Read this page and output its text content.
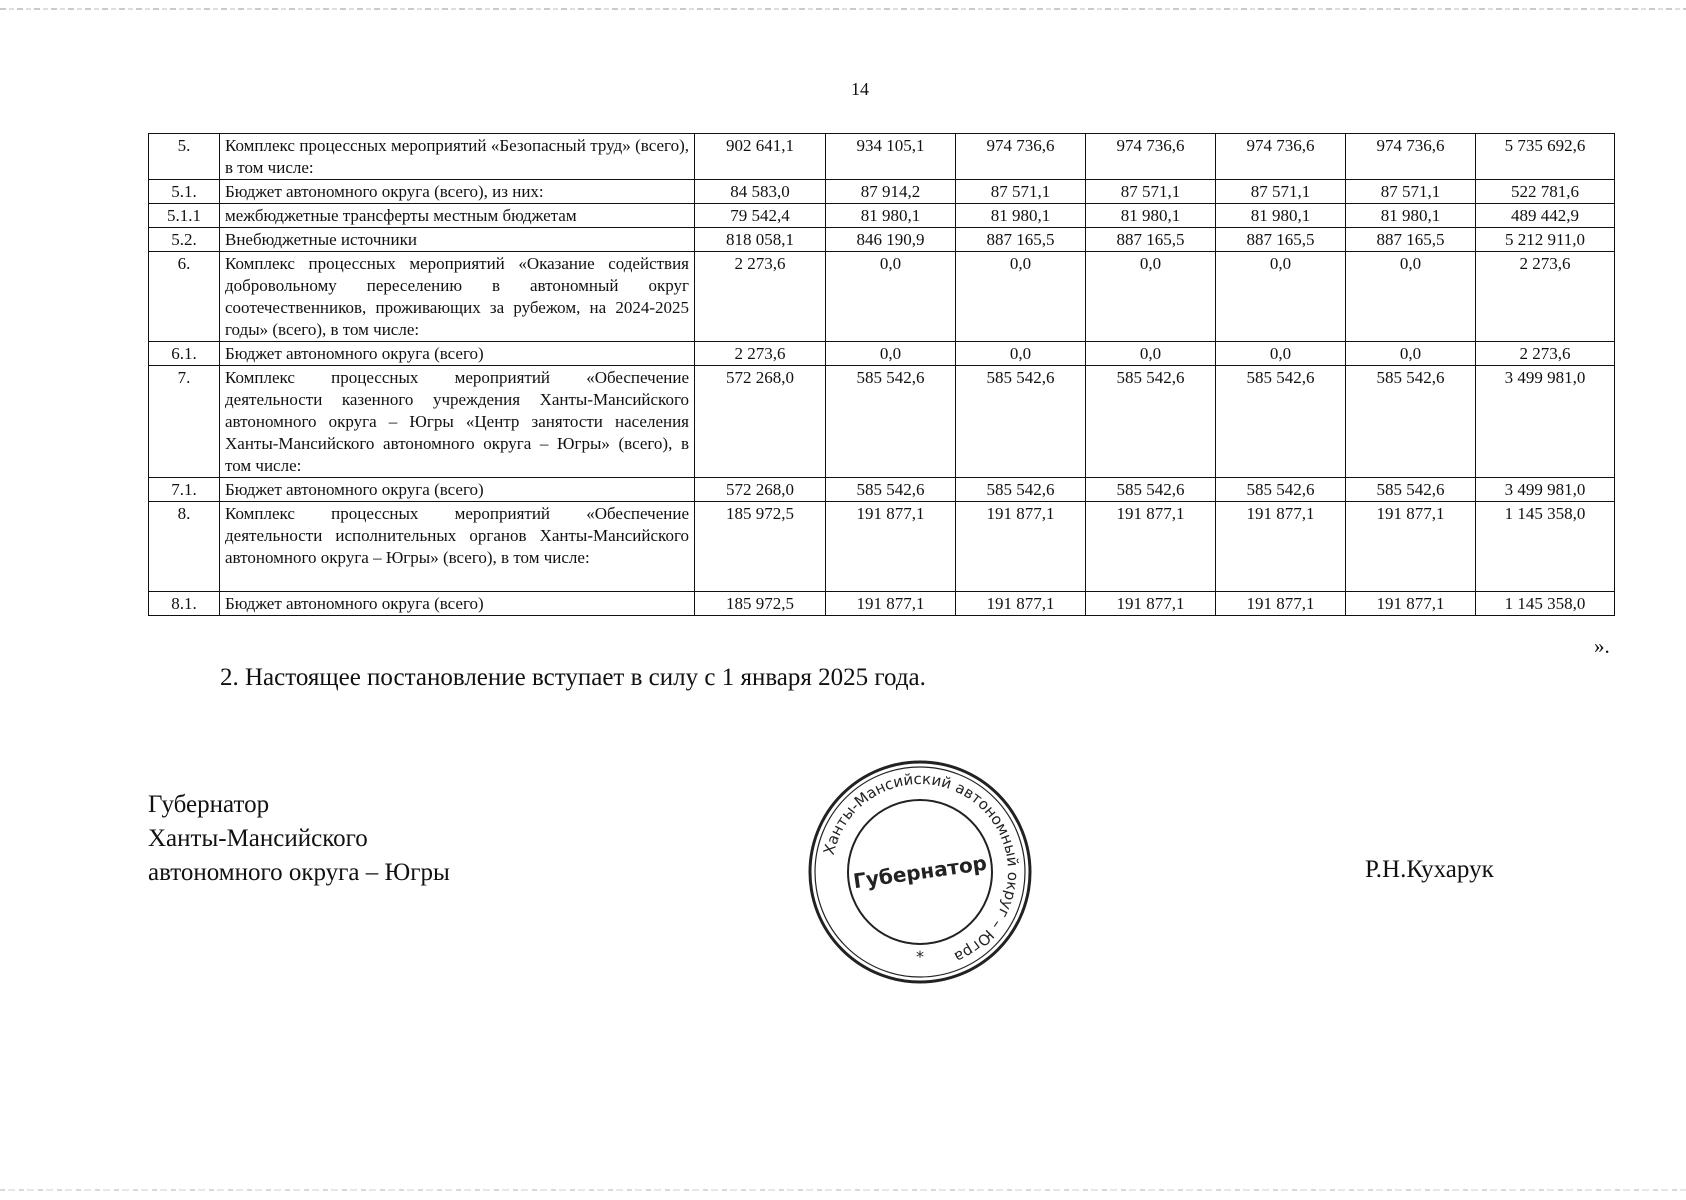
14
5.	Комплекс процессных мероприятий «Безопасный труд» (всего), в том числе:	902 641,1	934 105,1	974 736,6	974 736,6	974 736,6	974 736,6	5 735 692,6
5.1.	Бюджет автономного округа (всего), из них:	84 583,0	87 914,2	87 571,1	87 571,1	87 571,1	87 571,1	522 781,6
5.1.1	межбюджетные трансферты местным бюджетам	79 542,4	81 980,1	81 980,1	81 980,1	81 980,1	81 980,1	489 442,9
5.2.	Внебюджетные источники	818 058,1	846 190,9	887 165,5	887 165,5	887 165,5	887 165,5	5 212 911,0
6.	Комплекс процессных мероприятий «Оказание содействия добровольному переселению в автономный округ соотечественников, проживающих за рубежом, на 2024-2025 годы» (всего), в том числе:	2 273,6	0,0	0,0	0,0	0,0	0,0	2 273,6
6.1.	Бюджет автономного округа (всего)	2 273,6	0,0	0,0	0,0	0,0	0,0	2 273,6
7.	Комплекс процессных мероприятий «Обеспечение деятельности казенного учреждения Ханты-Мансийского автономного округа – Югры «Центр занятости населения Ханты-Мансийского автономного округа – Югры» (всего), в том числе:	572 268,0	585 542,6	585 542,6	585 542,6	585 542,6	585 542,6	3 499 981,0
7.1.	Бюджет автономного округа (всего)	572 268,0	585 542,6	585 542,6	585 542,6	585 542,6	585 542,6	3 499 981,0
8.	Комплекс процессных мероприятий «Обеспечение деятельности исполнительных органов Ханты-Мансийского автономного округа – Югры» (всего), в том числе:	185 972,5	191 877,1	191 877,1	191 877,1	191 877,1	191 877,1	1 145 358,0
8.1.	Бюджет автономного округа (всего)	185 972,5	191 877,1	191 877,1	191 877,1	191 877,1	191 877,1	1 145 358,0
».
2. Настоящее постановление вступает в силу с 1 января 2025 года.
Губернатор
Ханты-Мансийского
автономного округа – Югры
Ханты-Мансийский автономный округ – Югра
Губернатор
*
Р.Н.Кухарук
